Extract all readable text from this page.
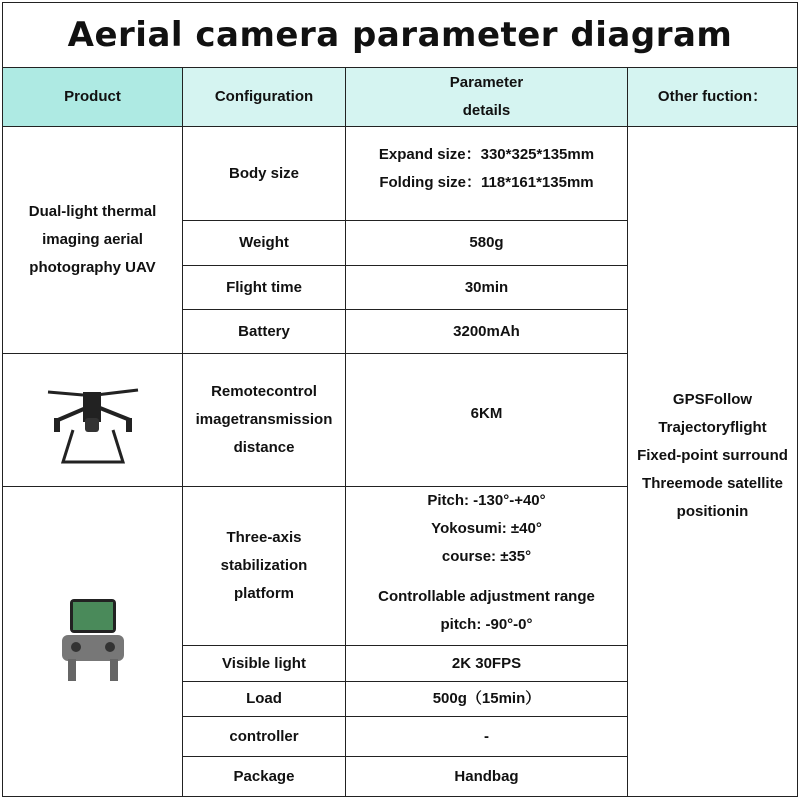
Aerial camera parameter diagram
Product	Configuration
Parameter
details
Other fuction：
Dual-light thermal
imaging aerial
photography UAV
Body size
Weight
Flight time
Battery
Remotecontrol
imagetransmission
distance
Three-axis
stabilization
platform
Visible light
Load
controller
Package
Expand size：330*325*135mm
Folding size：118*161*135mm
580g
30min
3200mAh
6KM
Pitch: -130°-+40°
Yokosumi: ±40°
course: ±35°
Controllable adjustment range
pitch: -90°-0°
2K 30FPS
500g（15min）
-
Handbag
GPSFollow
Trajectoryflight
Fixed-point surround
Threemode satellite
positionin
